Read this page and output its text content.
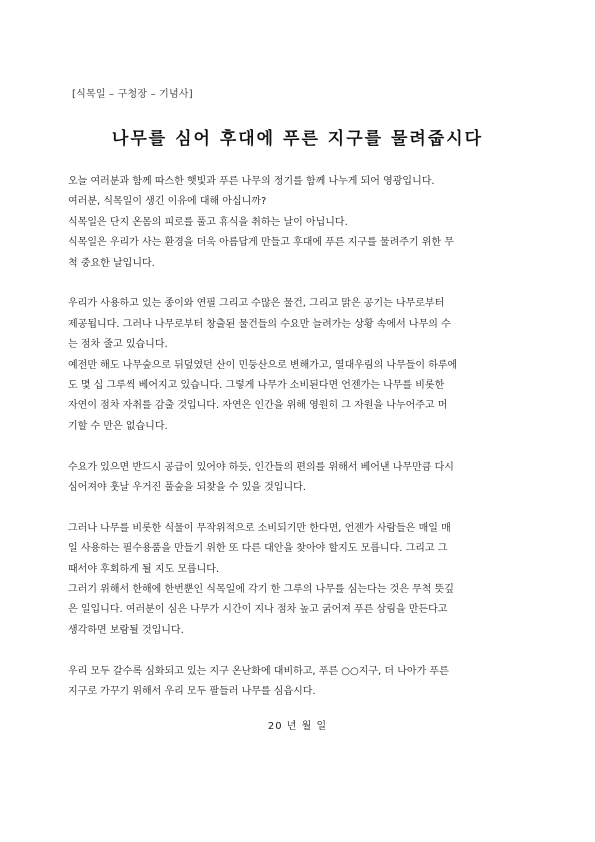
[식목일 – 구청장 – 기념사]
나무를 심어 후대에 푸른 지구를 물려줍시다
오늘 여러분과 함께 따스한 햇빛과 푸른 나무의 정기를 함께 나누게 되어 영광입니다.
여러분, 식목일이 생긴 이유에 대해 아십니까?
식목일은 단지 온몸의 피로를 풀고 휴식을 취하는 날이 아닙니다.
식목일은 우리가 사는 환경을 더욱 아름답게 만들고 후대에 푸른 지구를 물려주기 위한 무
척 중요한 날입니다.
우리가 사용하고 있는 종이와 연필 그리고 수많은 물건, 그리고 맑은 공기는 나무로부터
제공됩니다. 그러나 나무로부터 창출된 물건들의 수요만 늘려가는 상황 속에서 나무의 수
는 점차 줄고 있습니다.
예전만 해도 나무숲으로 뒤덮였던 산이 민둥산으로 변해가고, 열대우림의 나무들이 하루에
도 몇 십 그루씩 베어지고 있습니다. 그렇게 나무가 소비된다면 언젠가는 나무를 비롯한
자연이 점차 자취를 감출 것입니다. 자연은 인간을 위해 영원히 그 자원을 나누어주고 머
기할 수 만은 없습니다.
수요가 있으면 반드시 공급이 있어야 하듯, 인간들의 편의를 위해서 베어낸 나무만큼 다시
심어져야 훗날 우거진 풀숲을 되찾을 수 있을 것입니다.
그러나 나무를 비롯한 식물이 무작위적으로 소비되기만 한다면, 언젠가 사람들은 매일 매
일 사용하는 필수용품을 만들기 위한 또 다른 대안을 찾아야 할지도 모릅니다. 그리고 그
때서야 후회하게 될 지도 모릅니다.
그러기 위해서 한해에 한번뿐인 식목일에 각기 한 그루의 나무를 심는다는 것은 무척 뜻깊
은 일입니다. 여러분이 심은 나무가 시간이 지나 점차 높고 굵어져 푸른 삼림을 만든다고
생각하면 보람될 것입니다.
우리 모두 갈수록 심화되고 있는 지구 온난화에 대비하고, 푸른 ○○지구, 더 나아가 푸른
지구로 가꾸기 위해서 우리 모두 팔들러 나무를 심읍시다.
20 년 월 일
